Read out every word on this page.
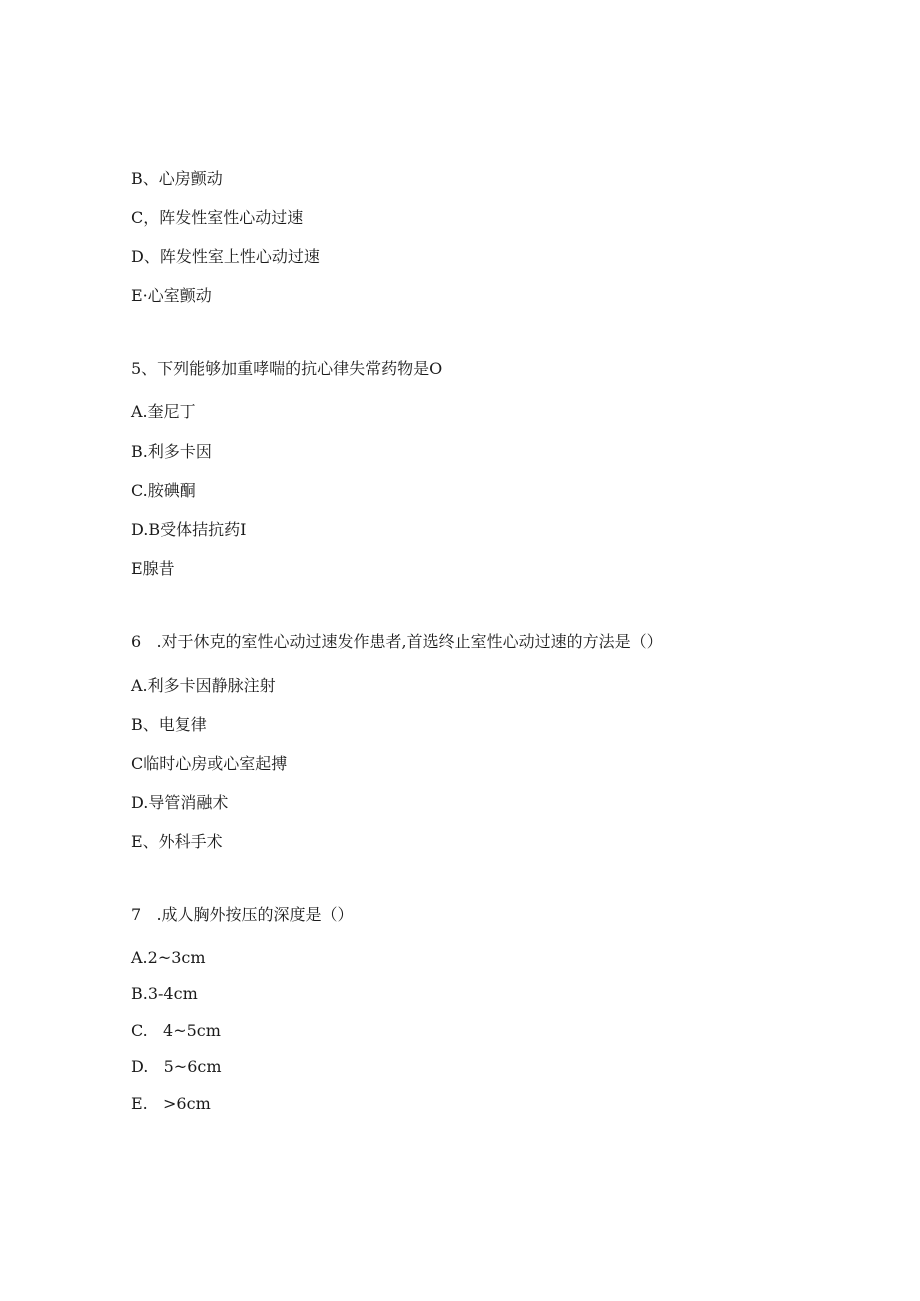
B、心房颤动

C，阵发性室性心动过速

D、阵发性室上性心动过速

E·心室颤动

5、下列能够加重哮喘的抗心律失常药物是O

A.奎尼丁

B.利多卡因

C.胺碘酮

D.B受体拮抗药I

E腺昔

6   .对于休克的室性心动过速发作患者,首选终止室性心动过速的方法是（）

A.利多卡因静脉注射

B、电复律

C临时心房或心室起搏

D.导管消融术

E、外科手术

7   .成人胸外按压的深度是（）

A.2~3cm

B.3-4cm

C.   4~5cm

D.   5~6cm

E.   >6cm
